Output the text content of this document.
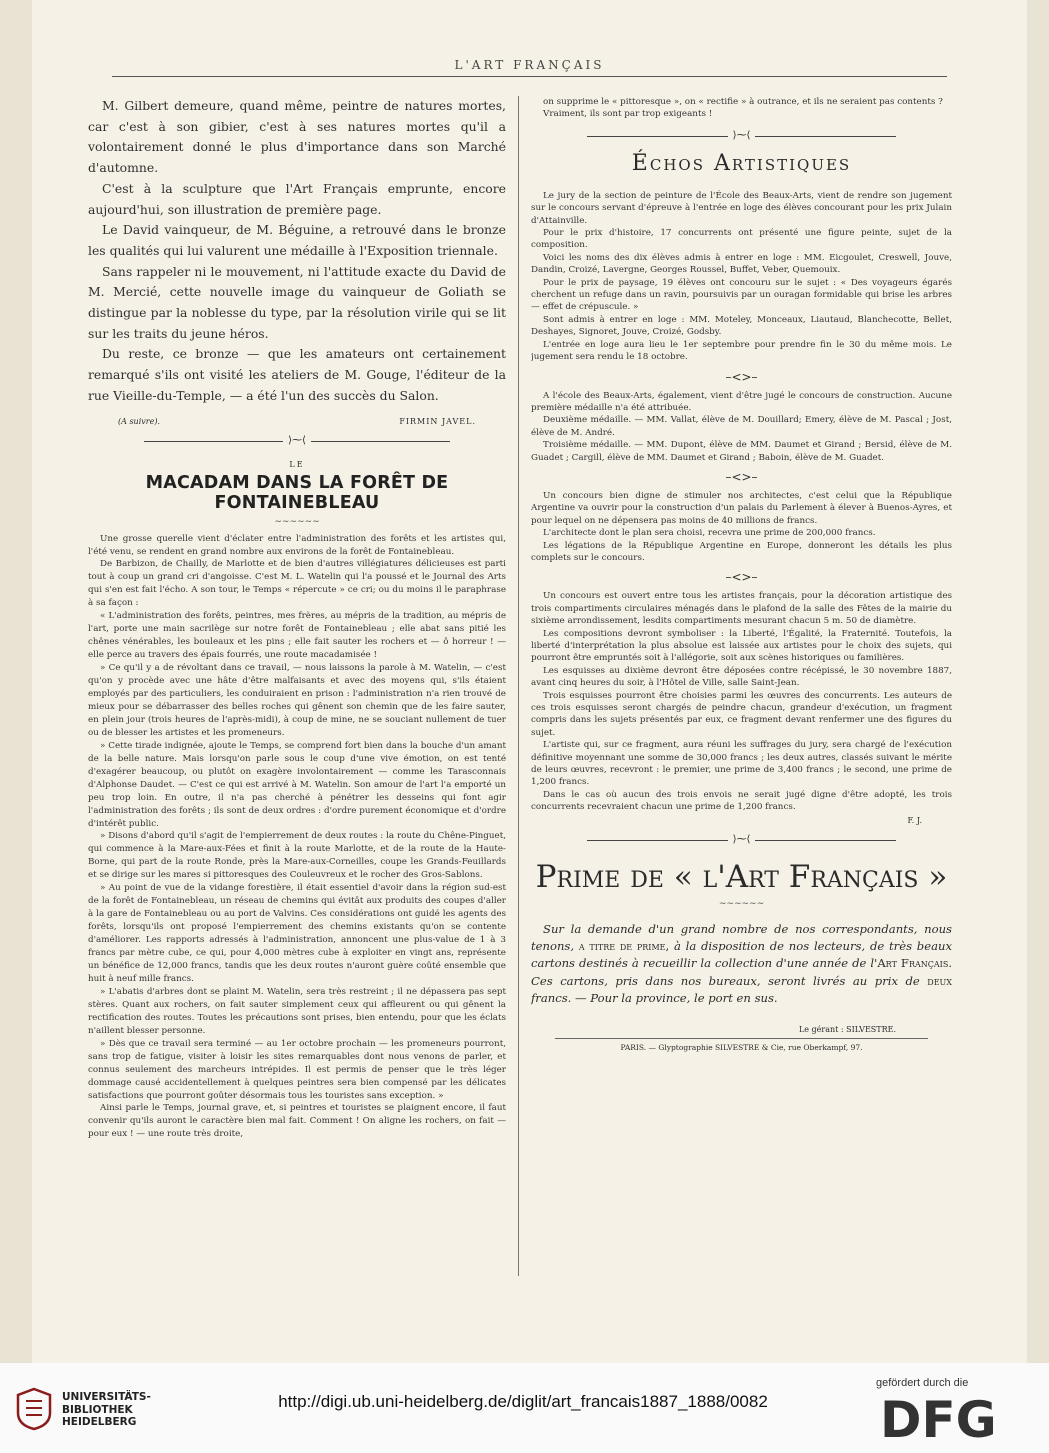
L'ART FRANÇAIS

M. Gilbert demeure, quand même, peintre de natures mortes, car c'est à son gibier, c'est à ses natures mortes qu'il a volontairement donné le plus d'importance dans son Marché d'automne.

C'est à la sculpture que l'Art Français emprunte, encore aujourd'hui, son illustration de première page.

Le David vainqueur, de M. Béguine, a retrouvé dans le bronze les qualités qui lui valurent une médaille à l'Exposition triennale.

Sans rappeler ni le mouvement, ni l'attitude exacte du David de M. Mercié, cette nouvelle image du vainqueur de Goliath se distingue par la noblesse du type, par la résolution virile qui se lit sur les traits du jeune héros.

Du reste, ce bronze — que les amateurs ont certainement remarqué s'ils ont visité les ateliers de M. Gouge, l'éditeur de la rue Vieille-du-Temple, — a été l'un des succès du Salon.

(A suivre).	FIRMIN JAVEL.
⟩⁓⟨
LE
MACADAM DANS LA FORÊT DE FONTAINEBLEAU
∼∼∼∼∼∼

Une grosse querelle vient d'éclater entre l'administration des forêts et les artistes qui, l'été venu, se rendent en grand nombre aux environs de la forêt de Fontainebleau.

De Barbizon, de Chailly, de Marlotte et de bien d'autres villégiatures délicieuses est parti tout à coup un grand cri d'angoisse. C'est M. L. Watelin qui l'a poussé et le Journal des Arts qui s'en est fait l'écho. A son tour, le Temps « répercute » ce cri; ou du moins il le paraphrase à sa façon :

« L'administration des forêts, peintres, mes frères, au mépris de la tradition, au mépris de l'art, porte une main sacrilège sur notre forêt de Fontainebleau ; elle abat sans pitié les chênes vénérables, les bouleaux et les pins ; elle fait sauter les rochers et — ô horreur ! — elle perce au travers des épais fourrés, une route macadamisée !

» Ce qu'il y a de révoltant dans ce travail, — nous laissons la parole à M. Watelin, — c'est qu'on y procède avec une hâte d'être malfaisants et avec des moyens qui, s'ils étaient employés par des particuliers, les conduiraient en prison : l'administration n'a rien trouvé de mieux pour se débarrasser des belles roches qui gênent son chemin que de les faire sauter, en plein jour (trois heures de l'après-midi), à coup de mine, ne se souciant nullement de tuer ou de blesser les artistes et les promeneurs.

» Cette tirade indignée, ajoute le Temps, se comprend fort bien dans la bouche d'un amant de la belle nature. Mais lorsqu'on parle sous le coup d'une vive émotion, on est tenté d'exagérer beaucoup, ou plutôt on exagère involontairement — comme les Tarasconnais d'Alphonse Daudet. — C'est ce qui est arrivé à M. Watelin. Son amour de l'art l'a emporté un peu trop loin. En outre, il n'a pas cherché à pénétrer les desseins qui font agir l'administration des forêts ; ils sont de deux ordres : d'ordre purement économique et d'ordre d'intérêt public.

» Disons d'abord qu'il s'agit de l'empierrement de deux routes : la route du Chêne-Pinguet, qui commence à la Mare-aux-Fées et finit à la route Marlotte, et de la route de la Haute-Borne, qui part de la route Ronde, près la Mare-aux-Corneilles, coupe les Grands-Feuillards et se dirige sur les mares si pittoresques des Couleuvreux et le rocher des Gros-Sablons.

» Au point de vue de la vidange forestière, il était essentiel d'avoir dans la région sud-est de la forêt de Fontainebleau, un réseau de chemins qui évitât aux produits des coupes d'aller à la gare de Fontainebleau ou au port de Valvins. Ces considérations ont guidé les agents des forêts, lorsqu'ils ont proposé l'empierrement des chemins existants qu'on se contente d'améliorer. Les rapports adressés à l'administration, annoncent une plus-value de 1 à 3 francs par mètre cube, ce qui, pour 4,000 mètres cube à exploiter en vingt ans, représente un bénéfice de 12,000 francs, tandis que les deux routes n'auront guère coûté ensemble que huit à neuf mille francs.

» L'abatis d'arbres dont se plaint M. Watelin, sera très restreint ; il ne dépassera pas sept stères. Quant aux rochers, on fait sauter simplement ceux qui affleurent ou qui gênent la rectification des routes. Toutes les précautions sont prises, bien entendu, pour que les éclats n'aillent blesser personne.

» Dès que ce travail sera terminé — au 1er octobre prochain — les promeneurs pourront, sans trop de fatigue, visiter à loisir les sites remarquables dont nous venons de parler, et connus seulement des marcheurs intrépides. Il est permis de penser que le très léger dommage causé accidentellement à quelques peintres sera bien compensé par les délicates satisfactions que pourront goûter désormais tous les touristes sans exception. »

Ainsi parle le Temps, journal grave, et, si peintres et touristes se plaignent encore, il faut convenir qu'ils auront le caractère bien mal fait. Comment ! On aligne les rochers, on fait — pour eux ! — une route très droite,

on supprime le « pittoresque », on « rectifie » à outrance, et ils ne seraient pas contents ?

Vraiment, ils sont par trop exigeants !

⟩⁓⟨
Échos Artistiques

Le jury de la section de peinture de l'École des Beaux-Arts, vient de rendre son jugement sur le concours servant d'épreuve à l'entrée en loge des élèves concourant pour les prix Julain d'Attainville.

Pour le prix d'histoire, 17 concurrents ont présenté une figure peinte, sujet de la composition.

Voici les noms des dix élèves admis à entrer en loge : MM. Eicgoulet, Creswell, Jouve, Dandin, Croizé, Lavergne, Georges Roussel, Buffet, Veber, Quemouix.

Pour le prix de paysage, 19 élèves ont concouru sur le sujet : « Des voyageurs égarés cherchent un refuge dans un ravin, poursuivis par un ouragan formidable qui brise les arbres — effet de crépuscule. »

Sont admis à entrer en loge : MM. Moteley, Monceaux, Liautaud, Blanchecotte, Bellet, Deshayes, Signoret, Jouve, Croizé, Godsby.

L'entrée en loge aura lieu le 1er septembre pour prendre fin le 30 du même mois. Le jugement sera rendu le 18 octobre.

–<>–

A l'école des Beaux-Arts, également, vient d'être jugé le concours de construction. Aucune première médaille n'a été attribuée.

Deuxième médaille. — MM. Vallat, élève de M. Douillard; Emery, élève de M. Pascal ; Jost, élève de M. André.

Troisième médaille. — MM. Dupont, élève de MM. Daumet et Girand ; Bersid, élève de M. Guadet ; Cargill, élève de MM. Daumet et Girand ; Baboin, élève de M. Guadet.

–<>–

Un concours bien digne de stimuler nos architectes, c'est celui que la République Argentine va ouvrir pour la construction d'un palais du Parlement à élever à Buenos-Ayres, et pour lequel on ne dépensera pas moins de 40 millions de francs.

L'architecte dont le plan sera choisi, recevra une prime de 200,000 francs.

Les légations de la République Argentine en Europe, donneront les détails les plus complets sur le concours.

–<>–

Un concours est ouvert entre tous les artistes français, pour la décoration artistique des trois compartiments circulaires ménagés dans le plafond de la salle des Fêtes de la mairie du sixième arrondissement, lesdits compartiments mesurant chacun 5 m. 50 de diamètre.

Les compositions devront symboliser : la Liberté, l'Égalité, la Fraternité. Toutefois, la liberté d'interprétation la plus absolue est laissée aux artistes pour le choix des sujets, qui pourront être empruntés soit à l'allégorie, soit aux scènes historiques ou familières.

Les esquisses au dixième devront être déposées contre récépissé, le 30 novembre 1887, avant cinq heures du soir, à l'Hôtel de Ville, salle Saint-Jean.

Trois esquisses pourront être choisies parmi les œuvres des concurrents. Les auteurs de ces trois esquisses seront chargés de peindre chacun, grandeur d'exécution, un fragment compris dans les sujets présentés par eux, ce fragment devant renfermer une des figures du sujet.

L'artiste qui, sur ce fragment, aura réuni les suffrages du jury, sera chargé de l'exécution définitive moyennant une somme de 30,000 francs ; les deux autres, classés suivant le mérite de leurs œuvres, recevront : le premier, une prime de 3,400 francs ; le second, une prime de 1,200 francs.

Dans le cas où aucun des trois envois ne serait jugé digne d'être adopté, les trois concurrents recevraient chacun une prime de 1,200 francs.

F. J.
⟩⁓⟨
Prime de « l'Art Français »
∼∼∼∼∼∼

Sur la demande d'un grand nombre de nos correspondants, nous tenons, a titre de prime, à la disposition de nos lecteurs, de très beaux cartons destinés à recueillir la collection d'une année de l'Art Français. Ces cartons, pris dans nos bureaux, seront livrés au prix de deux francs. — Pour la province, le port en sus.

Le gérant : SILVESTRE.
PARIS. — Glyptographie SILVESTRE & Cie, rue Oberkampf, 97.
UNIVERSITÄTS-
BIBLIOTHEK
HEIDELBERG
http://digi.ub.uni-heidelberg.de/diglit/art_francais1887_1888/0082
gefördert durch die
DFG
